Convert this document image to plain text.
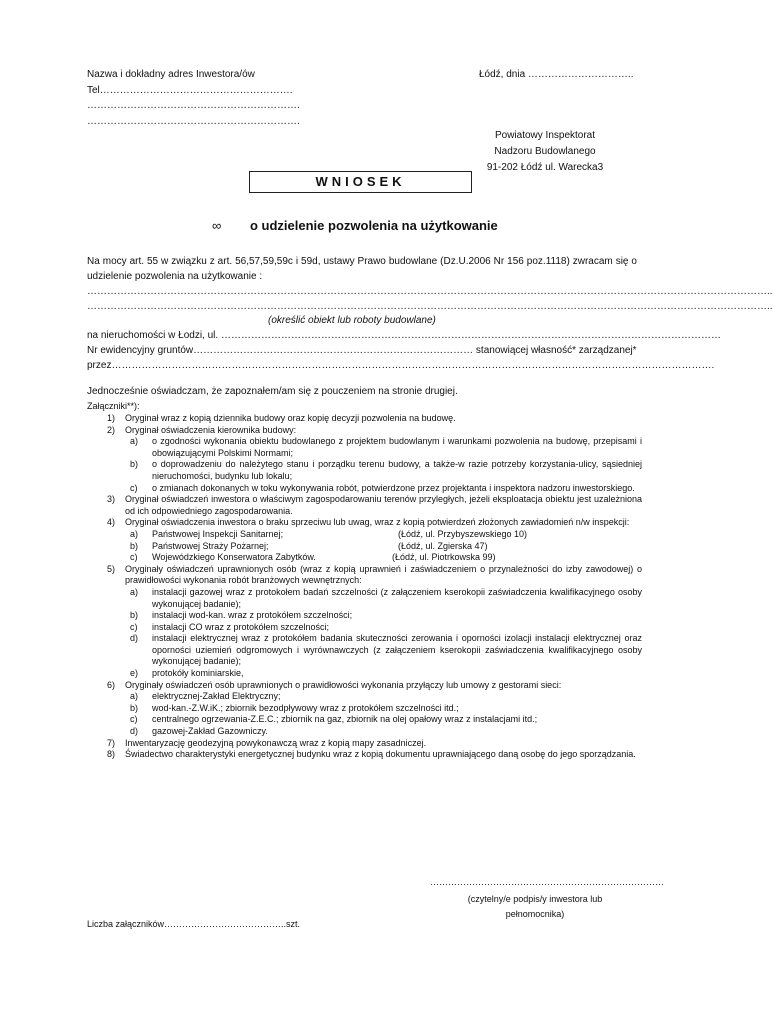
Nazwa i dokładny adres Inwestora/ów
Tel………………………………………………….
……………………………………………………….
……………………………………………………….
Łódź, dnia …………………………..
Powiatowy Inspektorat
Nadzoru Budowlanego
91-202 Łódź ul. Warecka3
WNIOSEK
∞ o udzielenie pozwolenia na użytkowanie
Na mocy art. 55 w związku z art. 56,57,59,59c i 59d, ustawy Prawo budowlane (Dz.U.2006 Nr 156 poz.1118) zwracam się o udzielenie pozwolenia na użytkowanie :
……………………………………………………………………………………………………………………………………………………………………………………..
……………………………………………………………………………………………………………………………………………………………………………………..
(określić obiekt lub roboty budowlane)
na nieruchomości w Łodzi, ul. ……………………………………………………………………………………………………………………………………
Nr ewidencyjny gruntów………………………………………………………………………… stanowiącej własność* zarządzanej*
przez……………………………………………………………………………………………………………………………………………………………….
Jednocześnie oświadczam, że zapoznałem/am się z pouczeniem na stronie drugiej.
Załączniki**):
1)	Oryginał wraz z kopią dziennika budowy oraz kopię decyzji pozwolenia na budowę.
2)	Oryginał oświadczenia kierownika budowy:
a)	o zgodności wykonania obiektu budowlanego z projektem budowlanym i warunkami pozwolenia na budowę, przepisami i obowiązującymi Polskimi Normami;
b)	o doprowadzeniu do należytego stanu i porządku terenu budowy, a także-w razie potrzeby korzystania-ulicy, sąsiedniej nieruchomości, budynku lub lokalu;
c)	o zmianach dokonanych w toku wykonywania robót, potwierdzone przez projektanta i inspektora nadzoru inwestorskiego.
3)	Oryginał oświadczeń inwestora o właściwym zagospodarowaniu terenów przyległych, jeżeli eksploatacja obiektu jest uzależniona od ich odpowiedniego zagospodarowania.
4)	Oryginał oświadczenia inwestora o braku sprzeciwu lub uwag, wraz z kopią potwierdzeń złożonych zawiadomień n/w inspekcji:
a)	Państwowej Inspekcji Sanitarnej;	(Łódź, ul. Przybyszewskiego 10)
b)	Państwowej Straży Pożarnej;	(Łódź, ul. Zgierska 47)
c)	Wojewódzkiego Konserwatora Zabytków.	(Łódź, ul. Piotrkowska 99)
5)	Oryginały oświadczeń uprawnionych osób (wraz z kopią uprawnień i zaświadczeniem o przynależności do izby zawodowej) o prawidłowości wykonania robót branżowych wewnętrznych:
a)	instalacji gazowej wraz z protokołem badań szczelności (z załączeniem kserokopii zaświadczenia kwalifikacyjnego osoby wykonującej badanie);
b)	instalacji wod-kan. wraz z protokółem szczelności;
c)	instalacji CO wraz z protokółem szczelności;
d)	instalacji elektrycznej wraz z protokółem badania skuteczności zerowania i oporności izolacji instalacji elektrycznej oraz oporności uziemień odgromowych i wyrównawczych (z załączeniem kserokopii zaświadczenia kwalifikacyjnego osoby wykonującej badanie);
e)	protokóły kominiarskie,
6)	Oryginały oświadczeń osób uprawnionych o prawidłowości wykonania przyłączy lub umowy z gestorami sieci:
a)	elektrycznej-Zakład Elektryczny;
b)	wod-kan.-Z.W.iK.; zbiornik bezodpływowy wraz z protokółem szczelności itd.;
c)	centralnego ogrzewania-Z.E.C.; zbiornik na gaz, zbiornik na olej opałowy wraz z instalacjami itd.;
d)	gazowej-Zakład Gazowniczy.
7)	Inwentaryzację geodezyjną powykonawczą wraz z kopią mapy zasadniczej.
8)	Świadectwo charakterystyki energetycznej budynku wraz z kopią dokumentu uprawniającego daną osobę do jego sporządzania.
……………………………………………………………………
(czytelny/e podpis/y inwestora lub
pełnomocnika)
Liczba załączników…………………………………..szt.
